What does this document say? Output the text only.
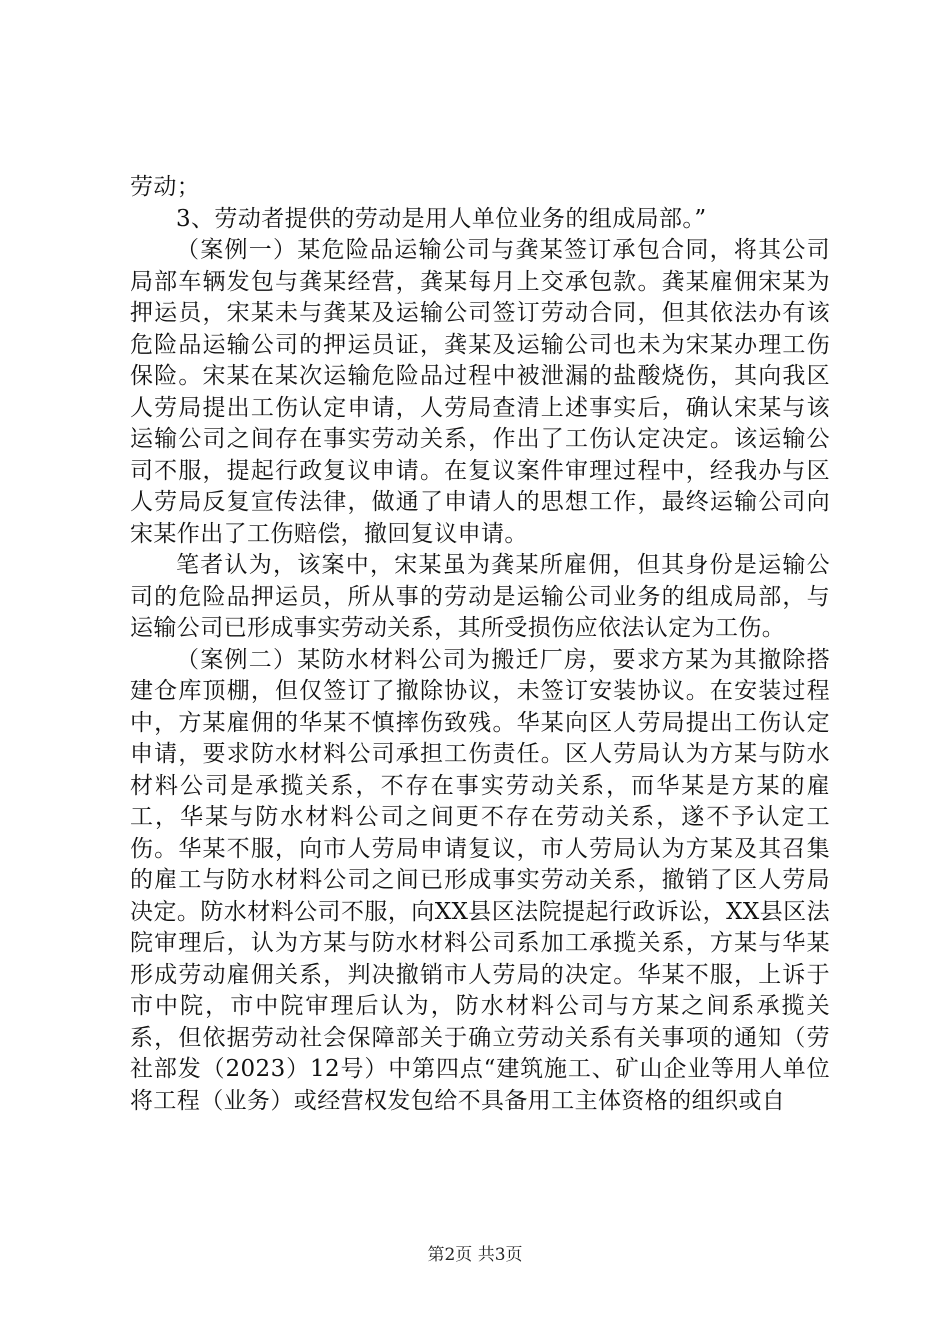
劳动；

3、劳动者提供的劳动是用人单位业务的组成局部。”

（案例一）某危险品运输公司与龚某签订承包合同，将其公司局部车辆发包与龚某经营，龚某每月上交承包款。龚某雇佣宋某为押运员，宋某未与龚某及运输公司签订劳动合同，但其依法办有该危险品运输公司的押运员证，龚某及运输公司也未为宋某办理工伤保险。宋某在某次运输危险品过程中被泄漏的盐酸烧伤，其向我区人劳局提出工伤认定申请，人劳局查清上述事实后，确认宋某与该运输公司之间存在事实劳动关系，作出了工伤认定决定。该运输公司不服，提起行政复议申请。在复议案件审理过程中，经我办与区人劳局反复宣传法律，做通了申请人的思想工作，最终运输公司向宋某作出了工伤赔偿，撤回复议申请。

笔者认为，该案中，宋某虽为龚某所雇佣，但其身份是运输公司的危险品押运员，所从事的劳动是运输公司业务的组成局部，与运输公司已形成事实劳动关系，其所受损伤应依法认定为工伤。

（案例二）某防水材料公司为搬迁厂房，要求方某为其撤除搭建仓库顶棚，但仅签订了撤除协议，未签订安装协议。在安装过程中，方某雇佣的华某不慎摔伤致残。华某向区人劳局提出工伤认定申请，要求防水材料公司承担工伤责任。区人劳局认为方某与防水材料公司是承揽关系，不存在事实劳动关系，而华某是方某的雇工，华某与防水材料公司之间更不存在劳动关系，遂不予认定工伤。华某不服，向市人劳局申请复议，市人劳局认为方某及其召集的雇工与防水材料公司之间已形成事实劳动关系，撤销了区人劳局决定。防水材料公司不服，向XX县区法院提起行政诉讼，XX县区法院审理后，认为方某与防水材料公司系加工承揽关系，方某与华某形成劳动雇佣关系，判决撤销市人劳局的决定。华某不服，上诉于市中院，市中院审理后认为，防水材料公司与方某之间系承揽关系，但依据劳动社会保障部关于确立劳动关系有关事项的通知（劳社部发（2023）12号）中第四点“建筑施工、矿山企业等用人单位将工程（业务）或经营权发包给不具备用工主体资格的组织或自

第2页 共3页
